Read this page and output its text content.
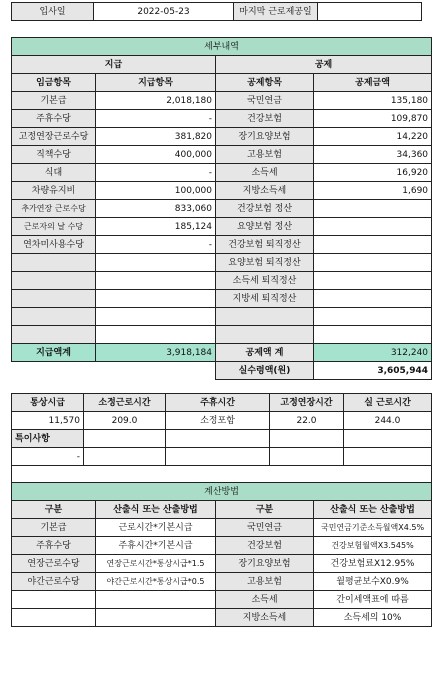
입사일	2022-05-23	마지막 근로제공일	
세부내역			
지급		공제	
임금항목	지급항목	공제항목	공제금액
기본급	2,018,180	국민연금	135,180
주휴수당	-	건강보험	109,870
고정연장근로수당	381,820	장기요양보험	14,220
직책수당	400,000	고용보험	34,360
식대	-	소득세	16,920
차량유지비	100,000	지방소득세	1,690
추가연장 근로수당	833,060	건강보험 정산	
근로자의 날 수당	185,124	요양보험 정산	
연차미사용수당	-	건강보험 퇴직정산	
		요양보험 퇴직정산	
		소득세 퇴직정산	
		지방세 퇴직정산	

지급액계	3,918,184	공제액 계	312,240
		실수령액(원)	3,605,944
통상시급	소정근로시간	주휴시간	고정연장시간	실 근로시간
11,570	209.0	소정포함	22.0	244.0
특이사항				
-				

계산방법			
구분	산출식 또는 산출방법	구분	산출식 또는 산출방법
기본급	근로시간*기본시급	국민연금	국민연금기준소득월액X4.5%
주휴수당	주휴시간*기본시급	건강보험	건강보험월액X3.545%
연장근로수당	연장근로시간*통상시급*1.5	장기요양보험	건강보험료X12.95%
야간근로수당	야간근로시간*통상시급*0.5	고용보험	월평균보수X0.9%
		소득세	간이세액표에 따름
		지방소득세	소득세의 10%
